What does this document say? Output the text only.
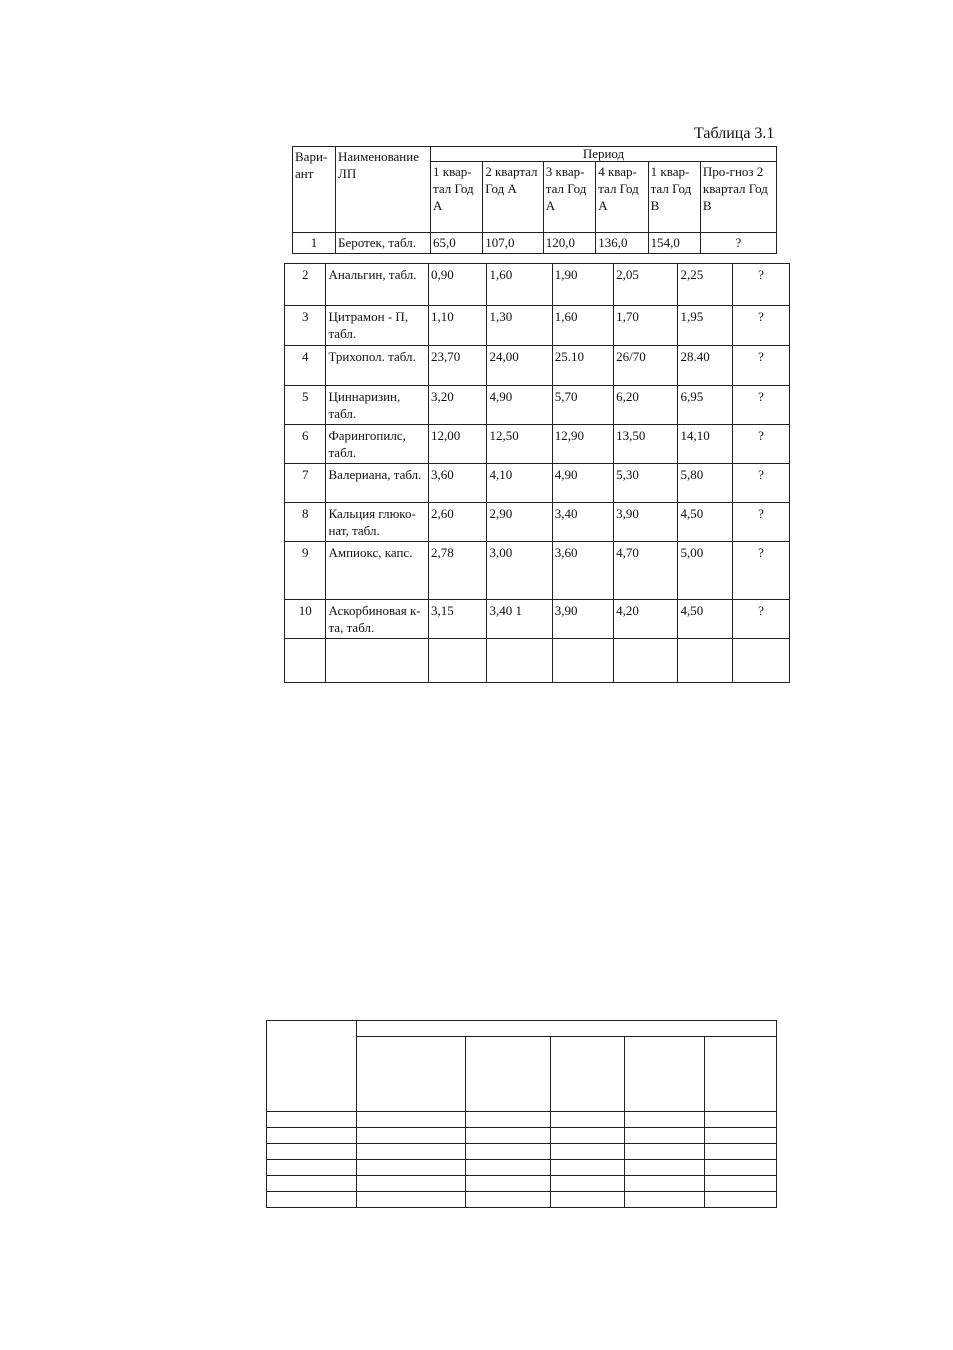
Таблица 3.1
Вари-ант	Наименование ЛП	Период					
		1 квар-тал Год А	2 квартал Год А	3 квар-тал Год А	4 квар-тал Год А	1 квар-тал Год В	Про-гноз 2 квартал Год В
1	Беротек, табл.	65,0	107,0	120,0	136,0	154,0	?
2	Анальгин, табл.	0,90	1,60	1,90	2,05	2,25	?
3	Цитрамон - П, табл.	1,10	1,30	1,60	1,70	1,95	?
4	Трихопол. табл.	23,70	24,00	25.10	26/70	28.40	?
5	Циннаризин, табл.	3,20	4,90	5,70	6,20	6,95	?
6	Фарингопилс, табл.	12,00	12,50	12,90	13,50	14,10	?
7	Валериана, табл.	3,60	4,10	4,90	5,30	5,80	?
8	Кальция глюко-нат, табл.	2,60	2,90	3,40	3,90	4,50	?
9	Ампиокс, капс.	2,78	3,00	3,60	4,70	5,00	?
10	Аскорбиновая к-та, табл.	3,15	3,40 1	3,90	4,20	4,50	?
